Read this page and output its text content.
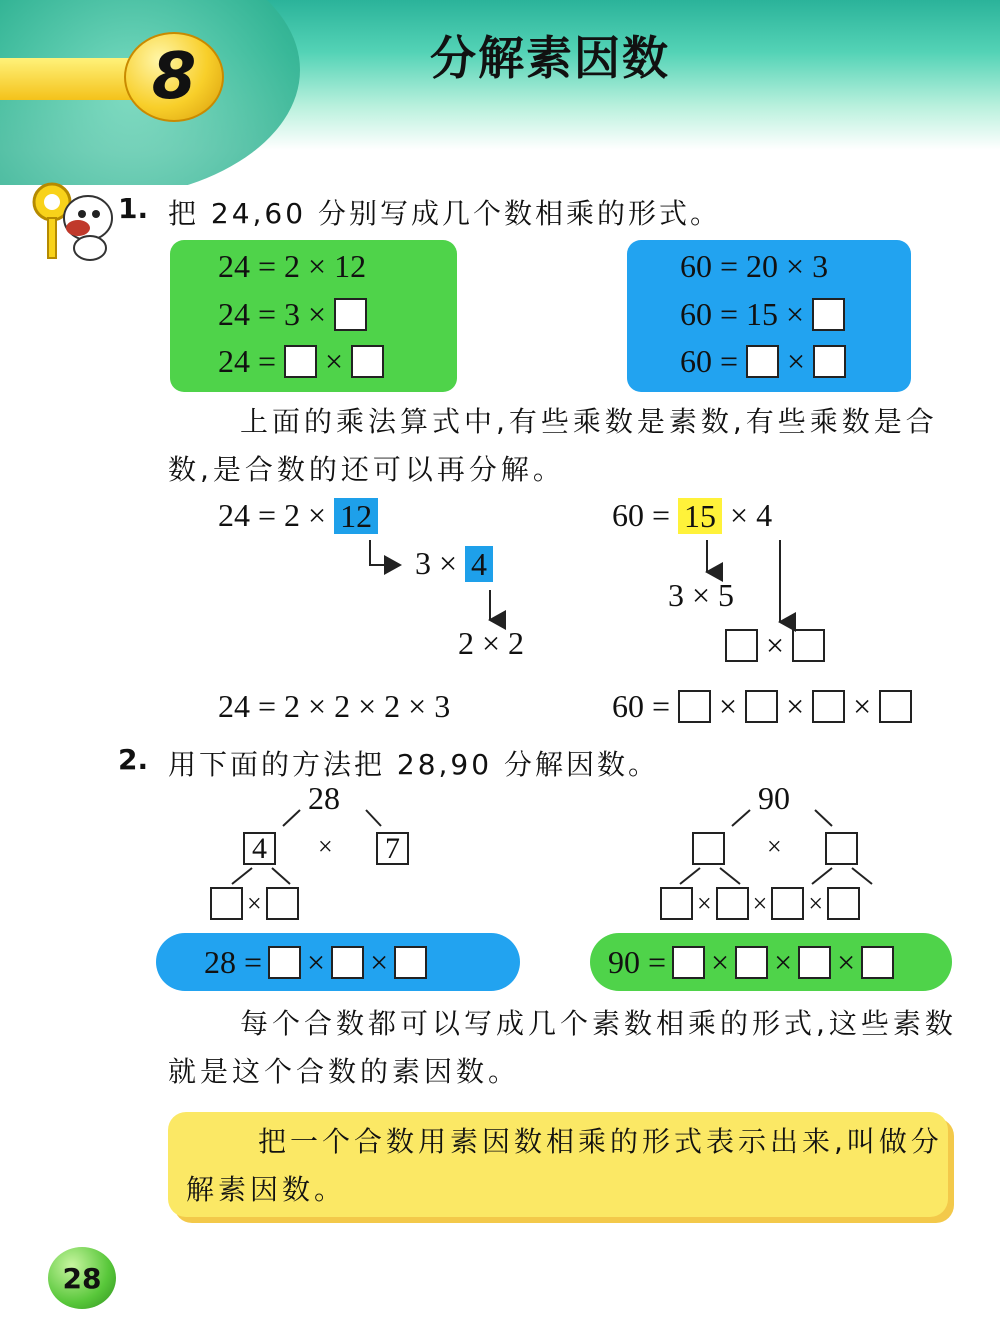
8	分解素因数
1. 把 24,60 分别写成几个数相乘的形式。
24 = 2 × 12
24 = 3 ×
24 = ×
60 = 20 × 3
60 = 15 ×
60 = ×
上面的乘法算式中,有些乘数是素数,有些乘数是合数,是合数的还可以再分解。
24 = 2 × 12
3 × 4
2 × 2
24 = 2 × 2 × 2 × 3
60 = 15 × 4
3 × 5
×
60 = × × ×
2. 用下面的方法把 28,90 分解因数。
28
4	×	7
×
90
×
× × ×
28 = × ×	90 = × × ×
每个合数都可以写成几个素数相乘的形式,这些素数就是这个合数的素因数。
把一个合数用素因数相乘的形式表示出来,叫做分解素因数。
28
